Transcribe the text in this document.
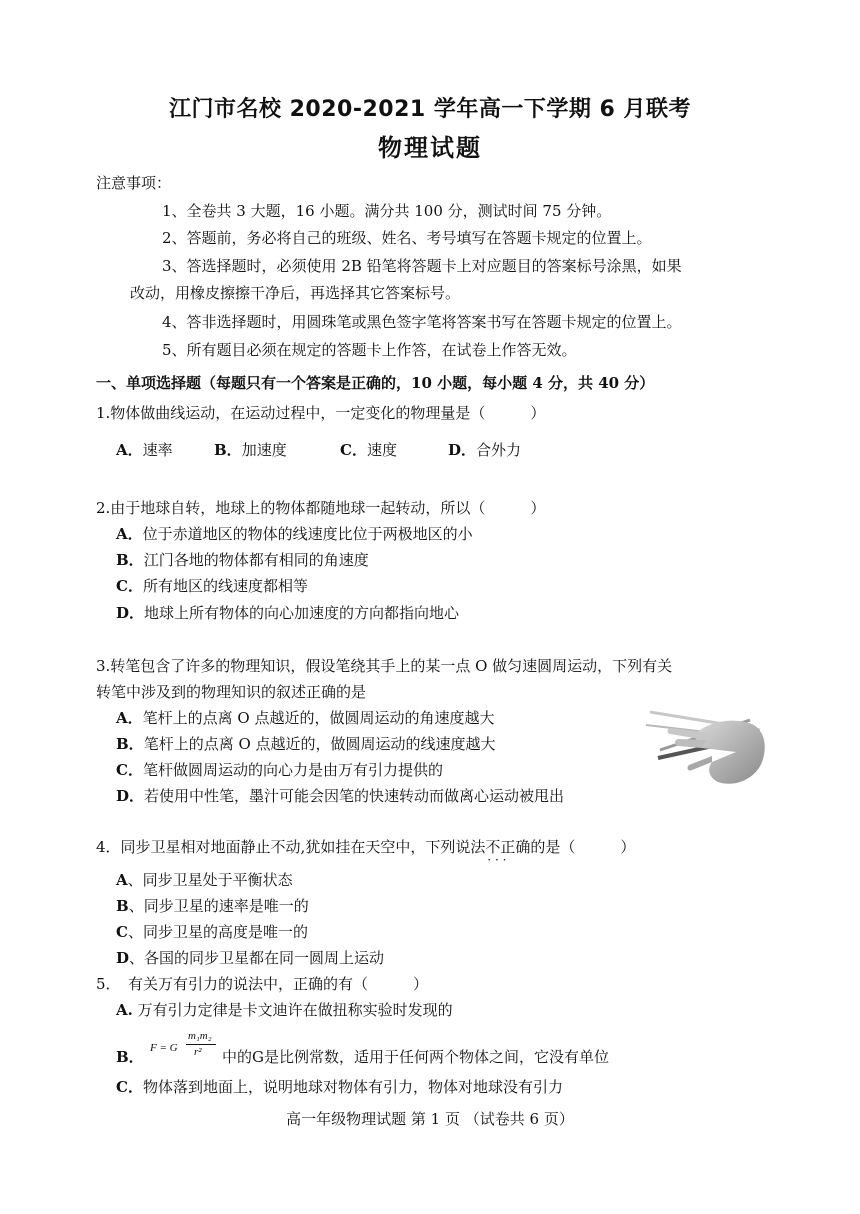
江门市名校 2020-2021 学年高一下学期 6 月联考
物理试题
注意事项：
1、全卷共 3 大题，16 小题。满分共 100 分，测试时间 75 分钟。
2、答题前，务必将自己的班级、姓名、考号填写在答题卡规定的位置上。
3、答选择题时，必须使用 2B 铅笔将答题卡上对应题目的答案标号涂黑，如果
改动，用橡皮擦擦干净后，再选择其它答案标号。
4、答非选择题时，用圆珠笔或黑色签字笔将答案书写在答题卡规定的位置上。
5、所有题目必须在规定的答题卡上作答，在试卷上作答无效。
一、单项选择题（每题只有一个答案是正确的，10 小题，每小题 4 分，共 40 分）
1.物体做曲线运动，在运动过程中，一定变化的物理量是（　　　）
A．速率	B．加速度	C．速度	D．合外力
2.由于地球自转，地球上的物体都随地球一起转动，所以（　　　）
A．位于赤道地区的物体的线速度比位于两极地区的小
B．江门各地的物体都有相同的角速度
C．所有地区的线速度都相等
D．地球上所有物体的向心加速度的方向都指向地心
3.转笔包含了许多的物理知识，假设笔绕其手上的某一点 O 做匀速圆周运动，下列有关
转笔中涉及到的物理知识的叙述正确的是
A．笔杆上的点离 O 点越近的，做圆周运动的角速度越大
B．笔杆上的点离 O 点越近的，做圆周运动的线速度越大
C．笔杆做圆周运动的向心力是由万有引力提供的
D．若使用中性笔，墨汁可能会因笔的快速转动而做离心运动被甩出
4．同步卫星相对地面静止不动,犹如挂在天空中，下列说法不正确 · · ·的是（　　　）
A、同步卫星处于平衡状态
B、同步卫星的速率是唯一的
C、同步卫星的高度是唯一的
D、各国的同步卫星都在同一圆周上运动
5．　有关万有引力的说法中，正确的有（　　　）
A. 万有引力定律是卡文迪许在做扭称实验时发现的
B． F = G
m₁m₂
r² 中的G是比例常数，适用于任何两个物体之间，它没有单位
C．物体落到地面上，说明地球对物体有引力，物体对地球没有引力
高一年级物理试题 第 1 页 （试卷共 6 页）
